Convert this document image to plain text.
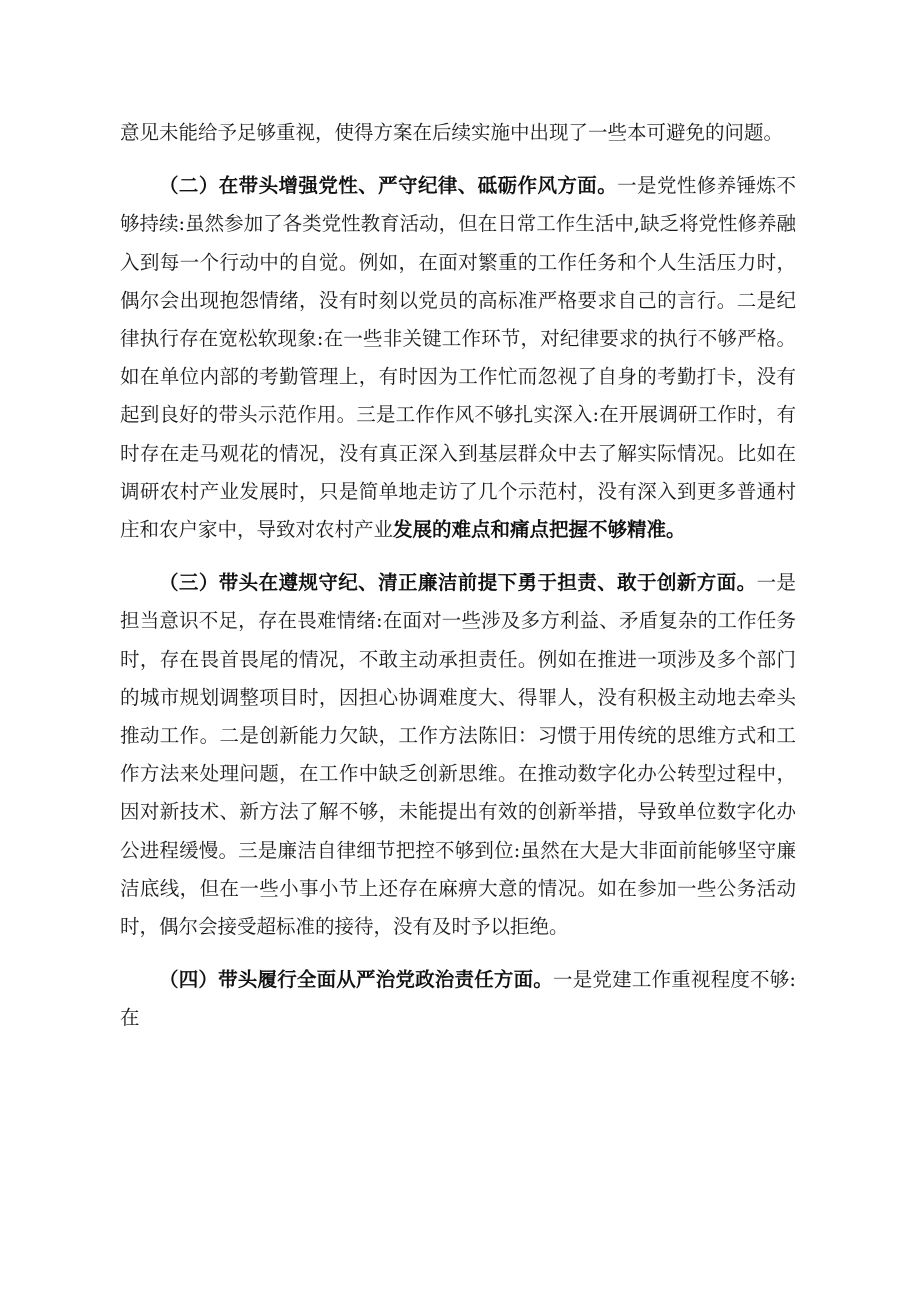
意见未能给予足够重视，使得方案在后续实施中出现了一些本可避免的问题。

（二）在带头增强党性、严守纪律、砥砺作风方面。一是党性修养锤炼不够持续:虽然参加了各类党性教育活动，但在日常工作生活中,缺乏将党性修养融入到每一个行动中的自觉。例如，在面对繁重的工作任务和个人生活压力时，偶尔会出现抱怨情绪，没有时刻以党员的高标准严格要求自己的言行。二是纪律执行存在宽松软现象:在一些非关键工作环节，对纪律要求的执行不够严格。如在单位内部的考勤管理上，有时因为工作忙而忽视了自身的考勤打卡，没有起到良好的带头示范作用。三是工作作风不够扎实深入:在开展调研工作时，有时存在走马观花的情况，没有真正深入到基层群众中去了解实际情况。比如在调研农村产业发展时，只是简单地走访了几个示范村，没有深入到更多普通村庄和农户家中，导致对农村产业发展的难点和痛点把握不够精准。

（三）带头在遵规守纪、清正廉洁前提下勇于担责、敢于创新方面。一是担当意识不足，存在畏难情绪:在面对一些涉及多方利益、矛盾复杂的工作任务时，存在畏首畏尾的情况，不敢主动承担责任。例如在推进一项涉及多个部门的城市规划调整项目时，因担心协调难度大、得罪人，没有积极主动地去牵头推动工作。二是创新能力欠缺，工作方法陈旧：习惯于用传统的思维方式和工作方法来处理问题，在工作中缺乏创新思维。在推动数字化办公转型过程中，因对新技术、新方法了解不够，未能提出有效的创新举措，导致单位数字化办公进程缓慢。三是廉洁自律细节把控不够到位:虽然在大是大非面前能够坚守廉洁底线，但在一些小事小节上还存在麻痹大意的情况。如在参加一些公务活动时，偶尔会接受超标准的接待，没有及时予以拒绝。

（四）带头履行全面从严治党政治责任方面。一是党建工作重视程度不够:在
